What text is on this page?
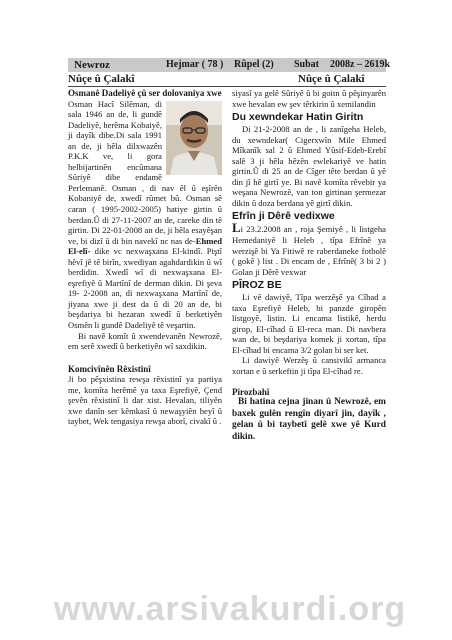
Newroz	Hejmar ( 78 ) Rûpel (2) Subat 2008z – 2619k
Nûçe û Çalakî	Nûçe û Çalakî

Osmanê Dadeliyê çû ser dolovaniya xwe

Osman Hacî Silêman, di sala 1946 an de, li gundê Dadeliyê, herêma Kobaiyê, ji dayîk dibe.Di sala 1991 an de, ji hêla dilxwazên P.K.K ve, li gora helbijartinên encûmana Sûriyê dibe endamê Perlemanê. Osman , di nav êl û eşîrên Kobaniyê de, xwedî rûmet bû. Osman sê caran ( 1995-2002-2005) hatiye girtin û berdan.Û di 27-11-2007 an de, careke din tê girtin. Di 22-01-2008 an de, ji hêla esayêşan ve, bi dizî û di bin navekî nc nas de-Ehmed El-elî- dike vc nexwaşxana El-kindî. Piştî hêvî jê tê birîn, xwediyan agahdardikin û wî berdidin. Xwedî wî di nexwaşxana El-eşrefiyê û Martînî de derman dikin. Di şeva 19- 2-2008 an, di nexwaşxana Martînî de, jiyana xwe ji dest da û di 20 an de, bi beşdariya bi hezaran xwedî û berketiyên Osmên li gundê Dadeliyê tê veşartin.

Bi navê komît û xwendevanên Newrozê, em serê xwedî û berketiyên wî saxdikin.

Komcivînên Rêxistinî

Ji bo pêşxistina rewşa rêxistinî ya partiya me, komîta herêmê ya taxa Eşrefiyê, Çend şevên rêxistinî li dar xist. Hevalan, tiliyên xwe danîn ser kêmkasî û newaşyiên heyî û taybet, Wek tengasiya rewşa aborî, civakî û .

siyasî ya gelê Sûriyê û bi goitn û pêşinyarên xwe hevalan ew şev têrkirin û xemilandin

Du xewndekar Hatin Giritn

Di 21-2-2008 an de , li zanîgeha Heleb, du xewndekar( Cigerxwîn Mile Ehmed Mîkanîk sal 2 û Ehmed Yûsif-Edeb-Erebî salê 3 ji hêla hêzên ewlekariyê ve hatin girtin.Û di 25 an de Cîger tête berdan û yê din jî hê girtî ye. Bi navê komîta rêvebir ya weşana Newrozê, van ton girtinan şermezar dikin û doza berdana yê girtî dikin.

Efrîn ji Dêrê vedixwe

Li 23.2.2008 an , roja Şemiyê , li listgeha Hemedaniyê li Heleb , tîpa Efrînê ya werzişê bi Ya Fitiwê re raberdaneke fotbolê ( gokê ) list . Di encam de , Efrînê( 3 bi 2 ) Golan ji Dêrê vexwar

PÎROZ BE

Li vê dawiyê, Tîpa werzêşê ya Cîhad a taxa Eşrefiyê Heleb, bi panzde giropên listgoyê, listin. Li encama listikê, herdu girop, El-cîhad û El-reca man. Di navbera wan de, bi beşdariya komek ji xortan, tîpa El-cîhad bi encama 3/2 golan bi ser ket.

Li dawiyê Werzêş û cansivikî armanca xortan e û serkeftin ji tîpa El-cîhad re.

Pîrozbahî

Bi hatina cejna jinan û Newrozê, em baxek gulên rengîn diyarî jin, dayîk , gelan û bi taybetî gelê xwe yê Kurd dikin.

www.arsivakurdi.org
